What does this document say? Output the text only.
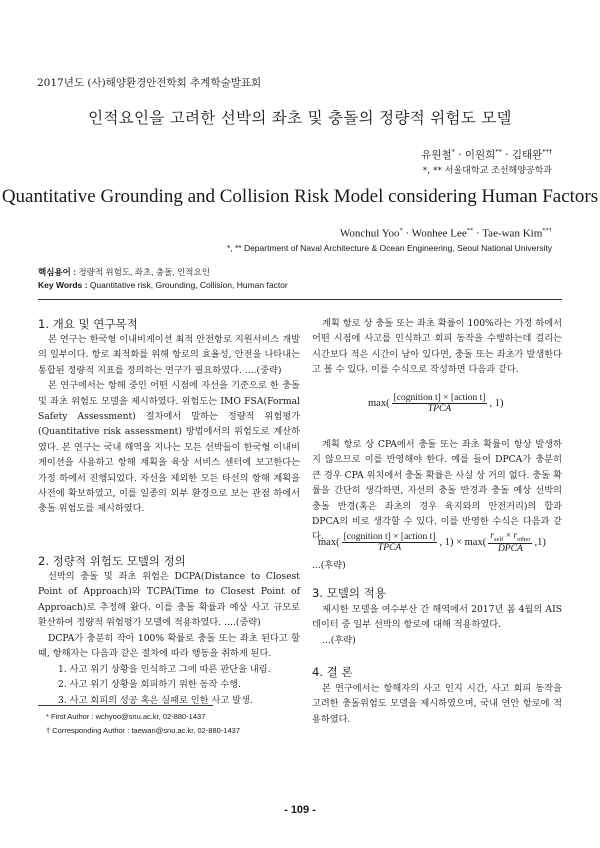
2017년도 (사)해양환경안전학회 추계학술발표회
인적요인을 고려한 선박의 좌초 및 충돌의 정량적 위험도 모델
유원철* · 이원희** · 김태완**†
*, ** 서울대학교 조선해양공학과
Quantitative Grounding and Collision Risk Model considering Human Factors
Wonchul Yoo* · Wonhee Lee** · Tae-wan Kim**†
*, ** Department of Naval Architecture & Ocean Engineering, Seoul National University
핵심용어 : 정량적 위험도, 좌초, 충돌, 인적요인
Key Words : Quantitative risk, Grounding, Collision, Human factor
1. 개요 및 연구목적

본 연구는 한국형 이내비게이션 최적 안전항로 지원서비스 개발의 일부이다. 항로 최적화를 위해 항로의 효율성, 안전을 나타내는 통합된 정량적 지표를 정의하는 연구가 필요하였다. ....(중략)

본 연구에서는 항해 중인 어떤 시점에 자선을 기준으로 한 충돌 및 좌초 위험도 모델을 제시하였다. 위험도는 IMO FSA(Formal Safety Assessment) 절차에서 말하는 정량적 위험평가(Quantitative risk assessment) 방법에서의 위험도로 계산하였다. 본 연구는 국내 해역을 지나는 모든 선박들이 한국형 이내비게이션을 사용하고 항해 계획을 육상 서비스 센터에 보고한다는 가정 하에서 진행되었다. 자선을 제외한 모든 타선의 항해 계획을 사전에 확보하였고, 이를 일종의 외부 환경으로 보는 관점 하에서 충돌 위험도를 제시하였다.

2. 정량적 위험도 모델의 정의

선박의 충돌 및 좌초 위험은 DCPA(Distance to Closest Point of Approach)와 TCPA(Time to Closest Point of Approach)로 추정해 왔다. 이를 충돌 확률과 예상 사고 규모로 환산하여 정량적 위험평가 모델에 적용하였다. ....(중략)

DCPA가 충분히 작아 100% 확률로 충돌 또는 좌초 된다고 할 때, 항해자는 다음과 같은 절차에 따라 행동을 취하게 된다.

1. 사고 위기 상황을 인식하고 그에 따른 판단을 내림.
2. 사고 위기 상황을 회피하기 위한 동작 수행.
3. 사고 회피의 성공 혹은 실패로 인한 사고 발생.

계획 항로 상 충돌 또는 좌초 확률이 100%라는 가정 하에서 어떤 시점에 사고를 인식하고 회피 동작을 수행하는데 걸리는 시간보다 적은 시간이 남아 있다면, 충돌 또는 좌초가 발생한다고 볼 수 있다. 이를 수식으로 작성하면 다음과 같다.

$\max( \frac{\text{[cognition t] × [action t]}}{\text{TPCA}}$ , 1)

계획 항로 상 CPA에서 충돌 또는 좌초 확률이 항상 발생하지 않으므로 이를 반영해야 한다. 예를 들어 DPCA가 충분히 큰 경우 CPA 위치에서 충돌 확률은 사실 상 거의 없다. 충돌 확률을 간단히 생각하면, 자선의 충돌 반경과 충돌 예상 선박의 충돌 반경(혹은 좌초의 경우 육지와의 안전거리)의 합과 DPCA의 비로 생각할 수 있다. 이를 반영한 수식은 다음과 같다.

$\max( \frac{\text{[cognition t] × [action t]}}{\text{TPCA}}$ , $1) \times \max( \frac{r_{self} \times r_{other}}{\text{DPCA}} ,1)$
...(후략)
3. 모델의 적용

제시한 모델을 여수부산 간 해역에서 2017년 봄 4월의 AIS 데이터 중 일부 선박의 항로에 대해 적용하였다.

...(후략)

4. 결 론

본 연구에서는 항해자의 사고 인지 시간, 사고 회피 동작을 고려한 충돌위험도 모델을 제시하였으며, 국내 연안 항로에 적용하였다.

* First Author : wchyoo@snu.ac.kr, 02-880-1437
† Corresponding Author : taewan@snu.ac.kr, 02-880-1437
- 109 -
